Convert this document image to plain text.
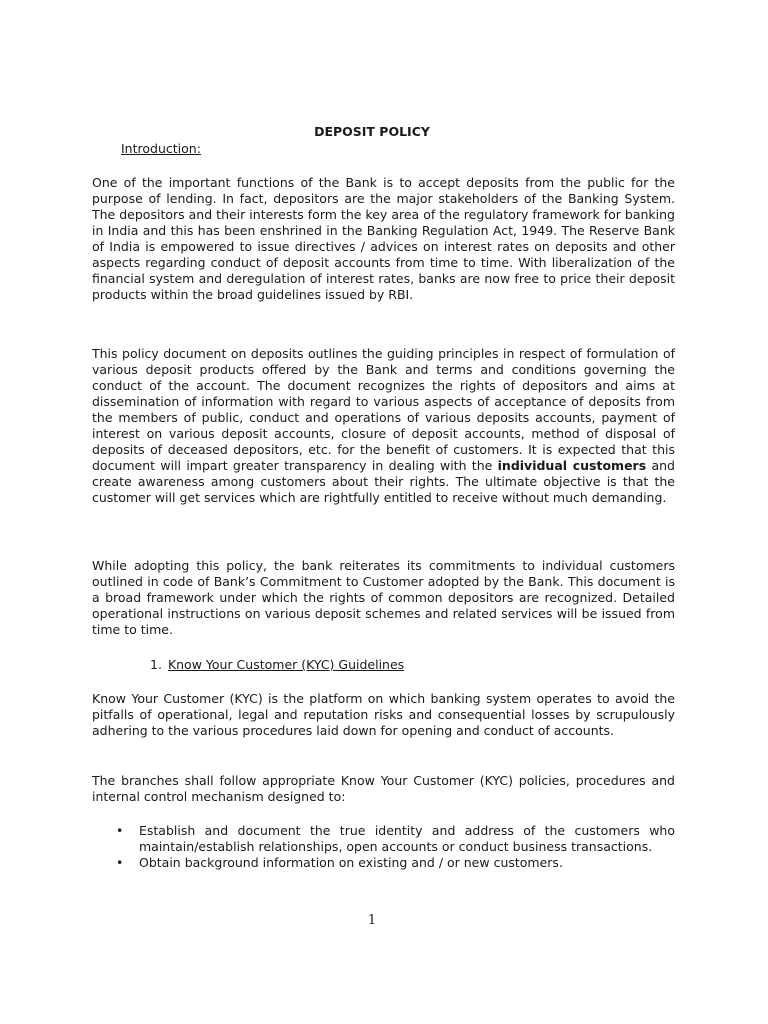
DEPOSIT POLICY
Introduction:
One of the important functions of the Bank is to accept deposits from the public for the purpose of lending. In fact, depositors are the major stakeholders of the Banking System. The depositors and their interests form the key area of the regulatory framework for banking in India and this has been enshrined in the Banking Regulation Act, 1949. The Reserve Bank of India is empowered to issue directives / advices on interest rates on deposits and other aspects regarding conduct of deposit accounts from time to time. With liberalization of the financial system and deregulation of interest rates, banks are now free to price their deposit products within the broad guidelines issued by RBI.
This policy document on deposits outlines the guiding principles in respect of formulation of various deposit products offered by the Bank and terms and conditions governing the conduct of the account. The document recognizes the rights of depositors and aims at dissemination of information with regard to various aspects of acceptance of deposits from the members of public, conduct and operations of various deposits accounts, payment of interest on various deposit accounts, closure of deposit accounts, method of disposal of deposits of deceased depositors, etc. for the benefit of customers. It is expected that this document will impart greater transparency in dealing with the individual customers and create awareness among customers about their rights. The ultimate objective is that the customer will get services which are rightfully entitled to receive without much demanding.
While adopting this policy, the bank reiterates its commitments to individual customers outlined in code of Bank’s Commitment to Customer adopted by the Bank. This document is a broad framework under which the rights of common depositors are recognized. Detailed operational instructions on various deposit schemes and related services will be issued from time to time.
1. Know Your Customer (KYC) Guidelines
Know Your Customer (KYC) is the platform on which banking system operates to avoid the pitfalls of operational, legal and reputation risks and consequential losses by scrupulously adhering to the various procedures laid down for opening and conduct of accounts.
The branches shall follow appropriate Know Your Customer (KYC) policies, procedures and internal control mechanism designed to:
• Establish and document the true identity and address of the customers who maintain/establish relationships, open accounts or conduct business transactions.
• Obtain background information on existing and / or new customers.
1
